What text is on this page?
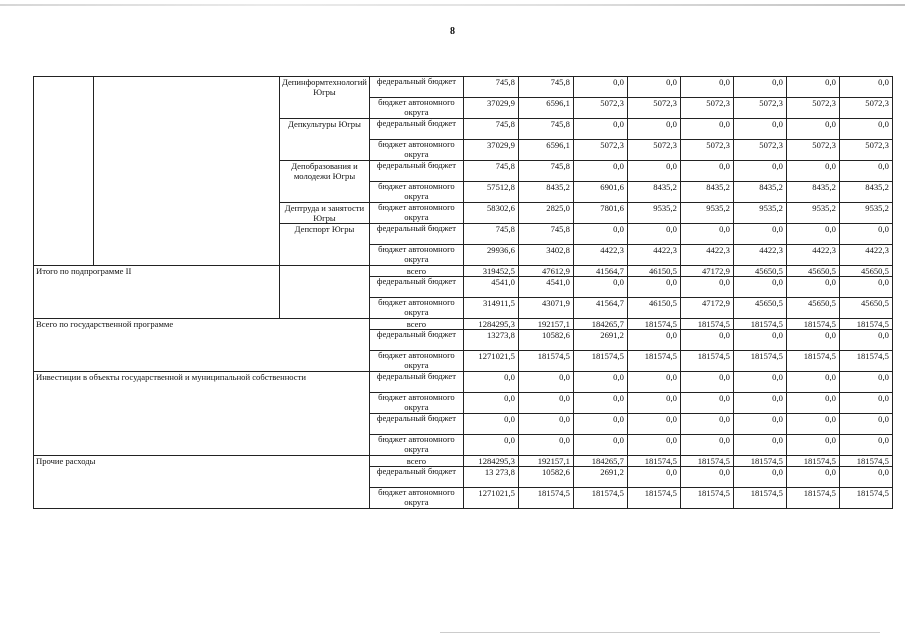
8
		Депинформтехнологий Югры	федеральный бюджет	745,8	745,8	0,0	0,0	0,0	0,0	0,0	0,0
			бюджет автономного округа	37029,9	6596,1	5072,3	5072,3	5072,3	5072,3	5072,3	5072,3
		Депкультуры Югры	федеральный бюджет	745,8	745,8	0,0	0,0	0,0	0,0	0,0	0,0
			бюджет автономного округа	37029,9	6596,1	5072,3	5072,3	5072,3	5072,3	5072,3	5072,3
		Депобразования и молодежи Югры	федеральный бюджет	745,8	745,8	0,0	0,0	0,0	0,0	0,0	0,0
			бюджет автономного округа	57512,8	8435,2	6901,6	8435,2	8435,2	8435,2	8435,2	8435,2
		Дептруда и занятости Югры	бюджет автономного округа	58302,6	2825,0	7801,6	9535,2	9535,2	9535,2	9535,2	9535,2
		Депспорт Югры	федеральный бюджет	745,8	745,8	0,0	0,0	0,0	0,0	0,0	0,0
			бюджет автономного округа	29936,6	3402,8	4422,3	4422,3	4422,3	4422,3	4422,3	4422,3
Итого по подпрограмме II			всего	319452,5	47612,9	41564,7	46150,5	47172,9	45650,5	45650,5	45650,5
			федеральный бюджет	4541,0	4541,0	0,0	0,0	0,0	0,0	0,0	0,0
			бюджет автономного округа	314911,5	43071,9	41564,7	46150,5	47172,9	45650,5	45650,5	45650,5
Всего по государственной программе			всего	1284295,3	192157,1	184265,7	181574,5	181574,5	181574,5	181574,5	181574,5
			федеральный бюджет	13273,8	10582,6	2691,2	0,0	0,0	0,0	0,0	0,0
			бюджет автономного округа	1271021,5	181574,5	181574,5	181574,5	181574,5	181574,5	181574,5	181574,5
Инвестиции в объекты государственной и муниципальной собственности			федеральный бюджет	0,0	0,0	0,0	0,0	0,0	0,0	0,0	0,0
			бюджет автономного округа	0,0	0,0	0,0	0,0	0,0	0,0	0,0	0,0
			федеральный бюджет	0,0	0,0	0,0	0,0	0,0	0,0	0,0	0,0
			бюджет автономного округа	0,0	0,0	0,0	0,0	0,0	0,0	0,0	0,0
Прочие расходы			всего	1284295,3	192157,1	184265,7	181574,5	181574,5	181574,5	181574,5	181574,5
			федеральный бюджет	13 273,8	10582,6	2691,2	0,0	0,0	0,0	0,0	0,0
			бюджет автономного округа	1271021,5	181574,5	181574,5	181574,5	181574,5	181574,5	181574,5	181574,5
